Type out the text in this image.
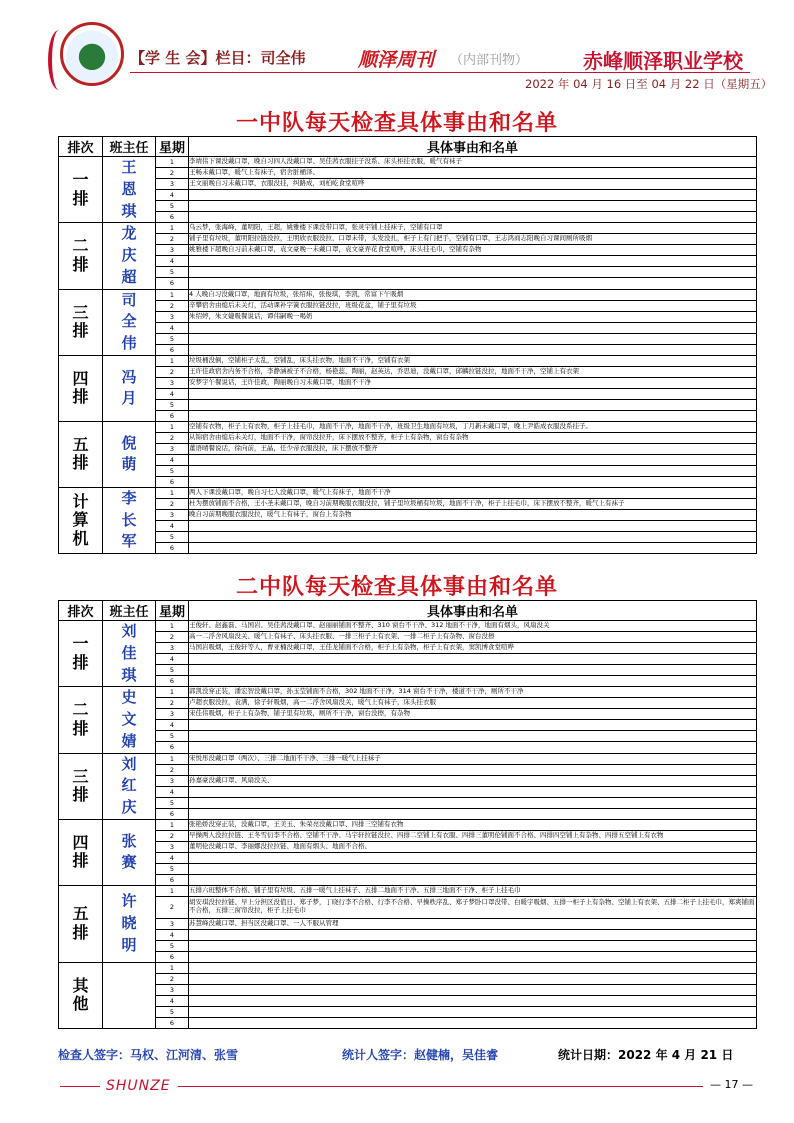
【学 生 会】栏目：司全伟	顺泽周刊 （内部刊物）	赤峰顺泽职业学校
2022 年 04 月 16 日至 04 月 22 日（星期五）
一中队每天检查具体事由和名单
排次	班主任	星期	具体事由和名单
一排	王恩琪	1	李靖伟下课没戴口罩，晚自习四人没戴口罩、吴佳茜衣服挂子没系、床头柜挂衣服，暖气有袜子
		2	王畅未戴口罩，暖气上有袜子，宿舍脏桶泽、
		3	王文丽晚自习未戴口罩，衣服没挂，纠路成，刘柏屹食堂喧哗
		4	
		5	
		6	
二排	龙庆超	1	乌云梦，张海峰，董明阳，王超，姚雅楼下课没带口罩，张灵宇铺上挂袜子，空铺有口罩
		2	铺子里有垃圾，董明阳拉链没拉，王明欣衣服没拉，口罩未带，头发没扎，柜子上有门把手，空铺有口罩，王志鸿商志阳晚自习课间厕所吸烟
		3	姚雅楼下超晚自习前未戴口罩，袁文豪晚一未戴口罩，袁文豪弄花食堂喧哗，床头挂毛巾，空铺有杂物
		4	
		5	
		6	
三排	司全伟	1	4 人晚自习没戴口罩，地面有垃圾，张绍炜，张俊琪，李凯，常富下午吸烟
		2	辛攀宿舍由熄后未关灯，活动课补字簧衣服拉链没拉，班级花盆，铺子里有垃圾
		3	朱绍婷，朱文婕吸餐说话，谭伟嗣晚一喝奶
		4	
		5	
		6	
四排	冯月	1	垃圾桶没倒，空铺柜子太乱，空铺乱，床头挂衣物，地面不干净，空铺有衣架
		2	王许佳政宿舍内务不合格，李静涵被子不合格，杨艳蕊，陶丽，赵英达，乔思迪，没戴口罩，邱麟拉链没拉，地面不干净，空铺上有衣架
		3	安梦宇午餐说话，王许佳政，陶丽晚自习未戴口罩，地面不干净
		4	
		5	
		6	
五排	倪萌	1	空铺有衣物，柜子上有衣物，柜子上挂毛巾，地面不干净，地面不干净，班级卫生地面有垃圾，丁月新未戴口罩，晚上尹皓成衣服没系挂子。
		2	从锦宿舍由熄后未关灯，地面不干净，窗帘没拉开，床下摆放不整齐，柜子上有杂物，窗台有杂物
		3	董语晴餐说话，徐向前，王晶，任少帝衣服没拉，床下摆放不整齐
		4	
		5	
		6	
计算机	李长军	1	两人下课没戴口罩，晚自习七人没戴口罩，暖气上有袜子，地面不干净
		2	杜为摆放铺面不合格，王小圣未戴口罩，晚自习前期晚服衣服没拉，铺子里垃圾桶有垃圾，地面不干净，柜子上挂毛巾，床下摆放不整齐，暖气上有袜子
		3	晚自习前期晚服衣服没拉，暖气上有袜子，窗台上有杂物
		4	
		5	
		6	
二中队每天检查具体事由和名单
排次	班主任	星期	具体事由和名单
一排	刘佳琪	1	王俊轩、赵鑫磊、马国岩、吴佳茜没戴口罩、赵丽丽铺面不整齐、310 窗台不干净、312 地面不干净，地面有烟头，风扇没关
		2	高一二浮舍风扇没关、暖气上有袜子、床头挂衣服、一排三柜子上有衣架、一排二柜子上有杂物、窗台没擦
		3	马国岩吸烟，王俊轩等人，曹亚楠没戴口罩，王佳龙铺面不合格，柜子上有杂物，柜子上有衣架，窦凯博食堂喧哗
		4	
		5	
		6	
二排	史文婧	1	郭凯没穿正装，潘宏智没戴口罩，孙玉莹铺面不合格，302 地面不干净，314 窗台不干净，楼道不干净，厕所不干净
		2	卢超衣服没拉，袁满，徐子轩吸烟，高一二浮舍风扇没关，暖气上有袜子，床头挂衣服
		3	宋佳伟吸烟，柜子上有杂物，铺子里有垃圾，厕所不干净，窗台没擦，有杂物
		4	
		5	
		6	
三排	刘红庆	1	宋悦彤没戴口罩（两次）、三排二地面不干净、三排一暖气上挂袜子
		2	
		3	孙嘉豪没戴口罩、风扇没关、
		4	
		5	
		6	
四排	张赛	1	张艳娇没穿正装，没戴口罩，王美玉、朱荣亮没戴口罩、四排三空铺有衣物
		2	早操两人没拉拉链、王冬雪衍李不合格、空铺不干净、马宇轩拉链没拉、四排二空铺上有衣服、四排三董明伦铺面不合格、四排四空铺上有杂物、四排五空铺上有衣物
		3	董明伦没戴口罩、李丽娜没拉拉链、地面有烟头、地面不合格、
		4	
		5	
		6	
五排	许晓明	1	五排六班整体不合格、铺子里有垃圾、五排一暖气上挂袜子、五排二地面不干净、五排三地面不干净、柜子上挂毛巾
		2	胡安琪没拉拉链、早上分担区没值日、郑子梦，丁晓行李不合格、行李不合格、早操秩序乱、郑子梦卧口罩没带、白暖宇吸烟、五排一柜子上有杂物、空铺上有衣架、五排二柜子上挂毛巾，郑爽铺面不合格，五排三窗帘没拉，柜子上挂毛巾
		3	苏慧峰没戴口罩、担当区没戴口罩、一人不服从管理
		4	
		5	
		6	
其他		1	
		2	
		3	
		4	
		5	
		6	
检查人签字：马权、江河清、张雪	统计人签字：赵健楠，吴佳睿	统计日期：2022 年 4 月 21 日
SHUNZE	— 17 —
